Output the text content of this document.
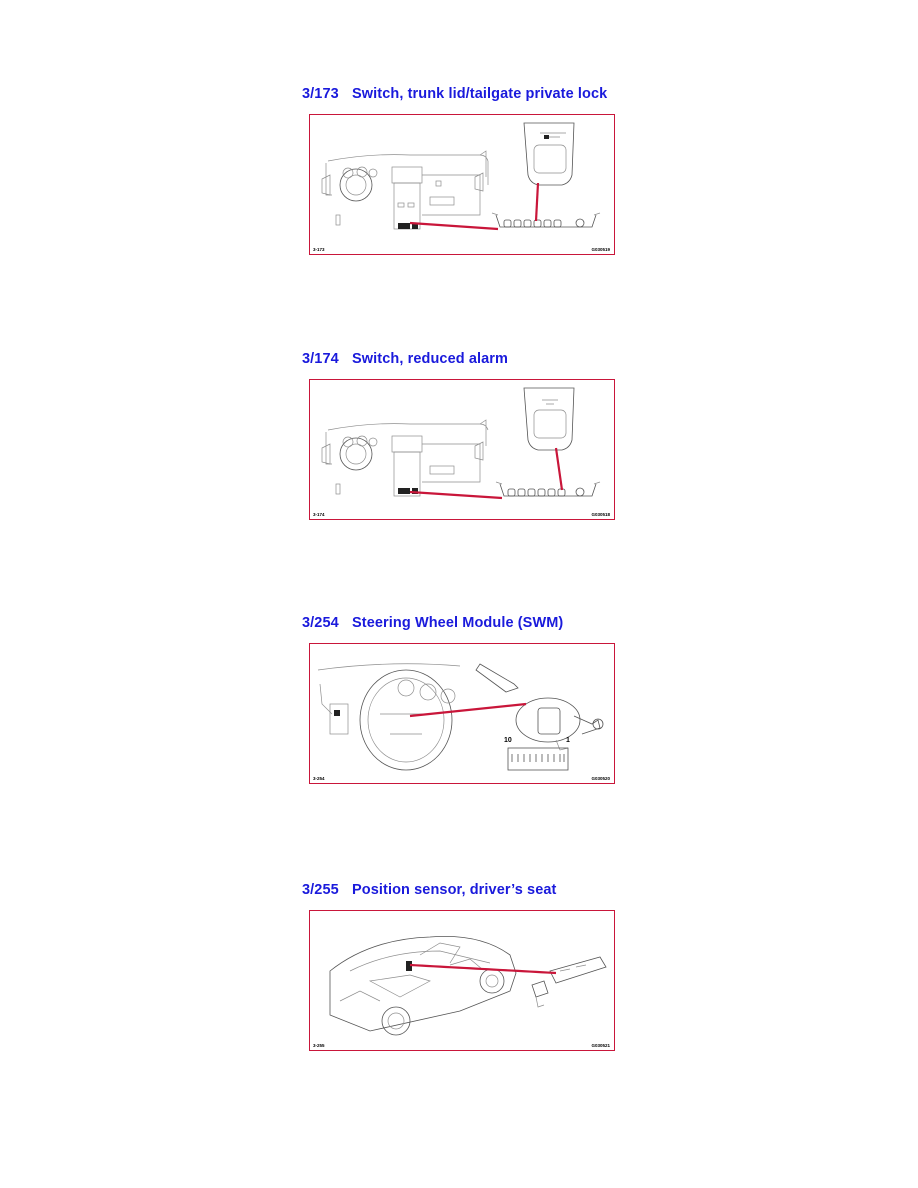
3/173 Switch, trunk lid/tailgate private lock
3-173	G030519
3/174 Switch, reduced alarm
3-174	G030518
3/254 Steering Wheel Module (SWM)
10	1
3-254	G030520
3/255 Position sensor, driver’s seat
3-255	G030521
